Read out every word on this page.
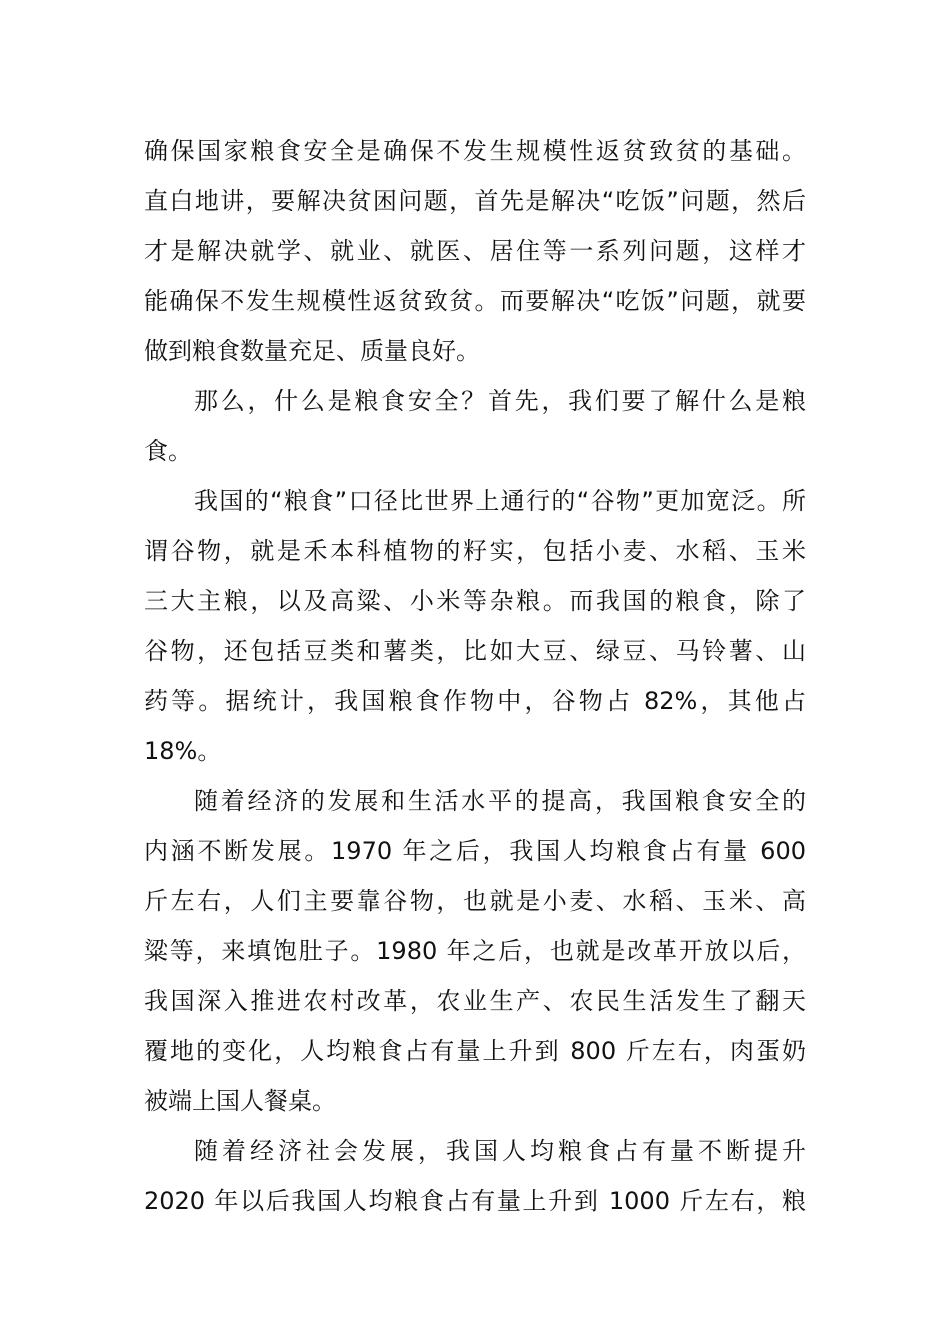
确保国家粮食安全是确保不发生规模性返贫致贫的基础。
直白地讲，要解决贫困问题，首先是解决“吃饭”问题，然后
才是解决就学、就业、就医、居住等一系列问题，这样才
能确保不发生规模性返贫致贫。而要解决“吃饭”问题，就要
做到粮食数量充足、质量良好。
那么，什么是粮食安全？首先，我们要了解什么是粮
食。
我国的“粮食”口径比世界上通行的“谷物”更加宽泛。所
谓谷物，就是禾本科植物的籽实，包括小麦、水稻、玉米
三大主粮，以及高粱、小米等杂粮。而我国的粮食，除了
谷物，还包括豆类和薯类，比如大豆、绿豆、马铃薯、山
药等。据统计，我国粮食作物中，谷物占 82%，其他占
18%。
随着经济的发展和生活水平的提高，我国粮食安全的
内涵不断发展。1970 年之后，我国人均粮食占有量 600
斤左右，人们主要靠谷物，也就是小麦、水稻、玉米、高
粱等，来填饱肚子。1980 年之后，也就是改革开放以后，
我国深入推进农村改革，农业生产、农民生活发生了翻天
覆地的变化，人均粮食占有量上升到 800 斤左右，肉蛋奶
被端上国人餐桌。
随着经济社会发展，我国人均粮食占有量不断提升
2020 年以后我国人均粮食占有量上升到 1000 斤左右，粮
